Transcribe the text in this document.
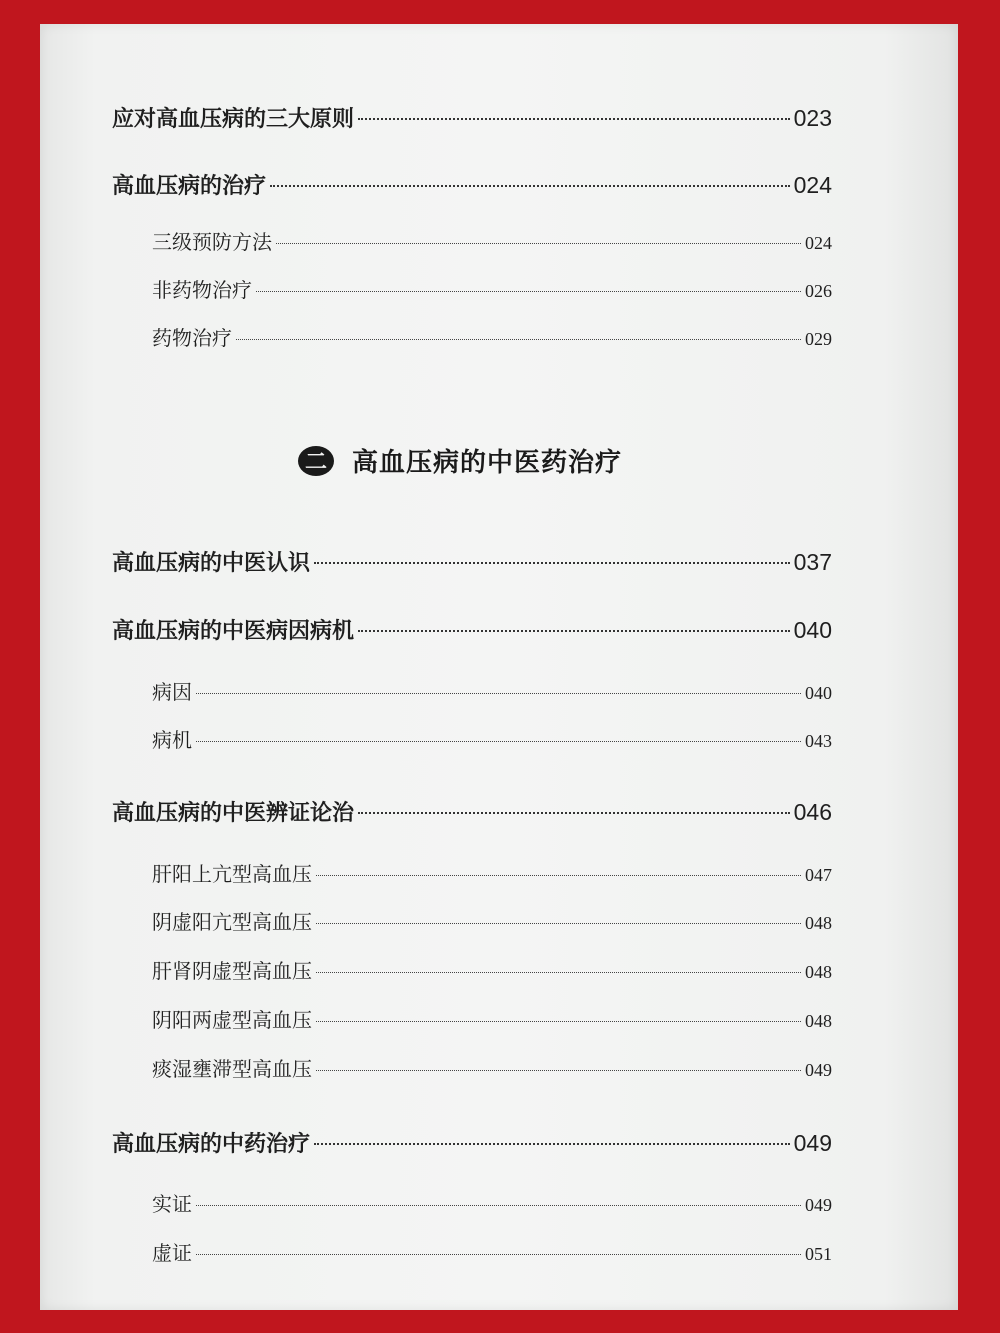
应对高血压病的三大原则	023
高血压病的治疗	024
三级预防方法	024
非药物治疗	026
药物治疗	029
二 高血压病的中医药治疗
高血压病的中医认识	037
高血压病的中医病因病机	040
病因	040
病机	043
高血压病的中医辨证论治	046
肝阳上亢型高血压	047
阴虚阳亢型高血压	048
肝肾阴虚型高血压	048
阴阳两虚型高血压	048
痰湿壅滞型高血压	049
高血压病的中药治疗	049
实证	049
虚证	051
